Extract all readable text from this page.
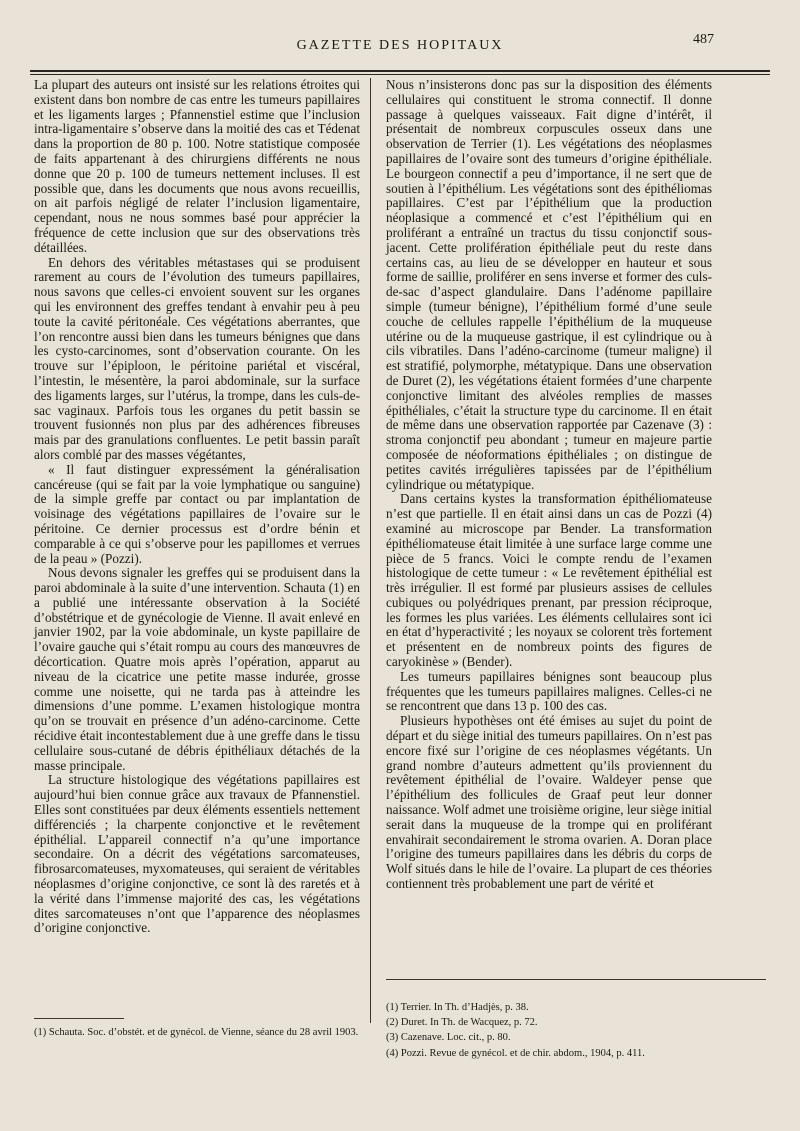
GAZETTE DES HOPITAUX	487

La plupart des auteurs ont insisté sur les relations étroites qui existent dans bon nombre de cas entre les tumeurs papillaires et les ligaments larges ; Pfannenstiel estime que l’inclusion intra-ligamentaire s’observe dans la moitié des cas et Tédenat dans la proportion de 80 p. 100. Notre statistique composée de faits appartenant à des chirurgiens différents ne nous donne que 20 p. 100 de tumeurs nettement incluses. Il est possible que, dans les documents que nous avons recueillis, on ait parfois négligé de relater l’inclusion ligamentaire, cependant, nous ne nous sommes basé pour apprécier la fréquence de cette inclusion que sur des observations très détaillées.

En dehors des véritables métastases qui se produisent rarement au cours de l’évolution des tumeurs papillaires, nous savons que celles-ci envoient souvent sur les organes qui les environnent des greffes tendant à envahir peu à peu toute la cavité péritonéale. Ces végétations aberrantes, que l’on rencontre aussi bien dans les tumeurs bénignes que dans les cysto-carcinomes, sont d’observation courante. On les trouve sur l’épiploon, le péritoine pariétal et viscéral, l’intestin, le mésentère, la paroi abdominale, sur la surface des ligaments larges, sur l’utérus, la trompe, dans les culs-de-sac vaginaux. Parfois tous les organes du petit bassin se trouvent fusionnés non plus par des adhérences fibreuses mais par des granulations confluentes. Le petit bassin paraît alors comblé par des masses végétantes,

« Il faut distinguer expressément la généralisation cancéreuse (qui se fait par la voie lymphatique ou sanguine) de la simple greffe par contact ou par implantation de voisinage des végétations papillaires de l’ovaire sur le péritoine. Ce dernier processus est d’ordre bénin et comparable à ce qui s’observe pour les papillomes et verrues de la peau » (Pozzi).

Nous devons signaler les greffes qui se produisent dans la paroi abdominale à la suite d’une intervention. Schauta (1) en a publié une intéressante observation à la Société d’obstétrique et de gynécologie de Vienne. Il avait enlevé en janvier 1902, par la voie abdominale, un kyste papillaire de l’ovaire gauche qui s’était rompu au cours des manœuvres de décortication. Quatre mois après l’opération, apparut au niveau de la cicatrice une petite masse indurée, grosse comme une noisette, qui ne tarda pas à atteindre les dimensions d’une pomme. L’examen histologique montra qu’on se trouvait en présence d’un adéno-carcinome. Cette récidive était incontestablement due à une greffe dans le tissu cellulaire sous-cutané de débris épithéliaux détachés de la masse principale.

La structure histologique des végétations papillaires est aujourd’hui bien connue grâce aux travaux de Pfannenstiel. Elles sont constituées par deux éléments essentiels nettement différenciés ; la charpente conjonctive et le revêtement épithélial. L’appareil connectif n’a qu’une importance secondaire. On a décrit des végétations sarcomateuses, fibrosarcomateuses, myxomateuses, qui seraient de véritables néoplasmes d’origine conjonctive, ce sont là des raretés et à la vérité dans l’immense majorité des cas, les végétations dites sarcomateuses n’ont que l’apparence des néoplasmes d’origine conjonctive.

Nous n’insisterons donc pas sur la disposition des éléments cellulaires qui constituent le stroma connectif. Il donne passage à quelques vaisseaux. Fait digne d’intérêt, il présentait de nombreux corpuscules osseux dans une observation de Terrier (1). Les végétations des néoplasmes papillaires de l’ovaire sont des tumeurs d’origine épithéliale. Le bourgeon connectif a peu d’importance, il ne sert que de soutien à l’épithélium. Les végétations sont des épithéliomas papillaires. C’est par l’épithélium que la production néoplasique a commencé et c’est l’épithélium qui en proliférant a entraîné un tractus du tissu conjonctif sous-jacent. Cette prolifération épithéliale peut du reste dans certains cas, au lieu de se développer en hauteur et sous forme de saillie, proliférer en sens inverse et former des culs-de-sac d’aspect glandulaire. Dans l’adénome papillaire simple (tumeur bénigne), l’épithélium formé d’une seule couche de cellules rappelle l’épithélium de la muqueuse utérine ou de la muqueuse gastrique, il est cylindrique ou à cils vibratiles. Dans l’adéno-carcinome (tumeur maligne) il est stratifié, polymorphe, métatypique. Dans une observation de Duret (2), les végétations étaient formées d’une charpente conjonctive limitant des alvéoles remplies de masses épithéliales, c’était la structure type du carcinome. Il en était de même dans une observation rapportée par Cazenave (3) : stroma conjonctif peu abondant ; tumeur en majeure partie composée de néoformations épithéliales ; on distingue de petites cavités irrégulières tapissées par de l’épithélium cylindrique ou métatypique.

Dans certains kystes la transformation épithéliomateuse n’est que partielle. Il en était ainsi dans un cas de Pozzi (4) examiné au microscope par Bender. La transformation épithéliomateuse était limitée à une surface large comme une pièce de 5 francs. Voici le compte rendu de l’examen histologique de cette tumeur : « Le revêtement épithélial est très irrégulier. Il est formé par plusieurs assises de cellules cubiques ou polyédriques prenant, par pression réciproque, les formes les plus variées. Les éléments cellulaires sont ici en état d’hyperactivité ; les noyaux se colorent très fortement et présentent en de nombreux points des figures de caryokinèse » (Bender).

Les tumeurs papillaires bénignes sont beaucoup plus fréquentes que les tumeurs papillaires malignes. Celles-ci ne se rencontrent que dans 13 p. 100 des cas.

Plusieurs hypothèses ont été émises au sujet du point de départ et du siège initial des tumeurs papillaires. On n’est pas encore fixé sur l’origine de ces néoplasmes végétants. Un grand nombre d’auteurs admettent qu’ils proviennent du revêtement épithélial de l’ovaire. Waldeyer pense que l’épithélium des follicules de Graaf peut leur donner naissance. Wolf admet une troisième origine, leur siège initial serait dans la muqueuse de la trompe qui en proliférant envahirait secondairement le stroma ovarien. A. Doran place l’origine des tumeurs papillaires dans les débris du corps de Wolf situés dans le hile de l’ovaire. La plupart de ces théories contiennent très probablement une part de vérité et

(1) Schauta. Soc. d’obstét. et de gynécol. de Vienne, séance du 28 avril 1903.
(1) Terrier. In Th. d’Hadjès, p. 38.
(2) Duret. In Th. de Wacquez, p. 72.
(3) Cazenave. Loc. cit., p. 80.
(4) Pozzi. Revue de gynécol. et de chir. abdom., 1904, p. 411.
